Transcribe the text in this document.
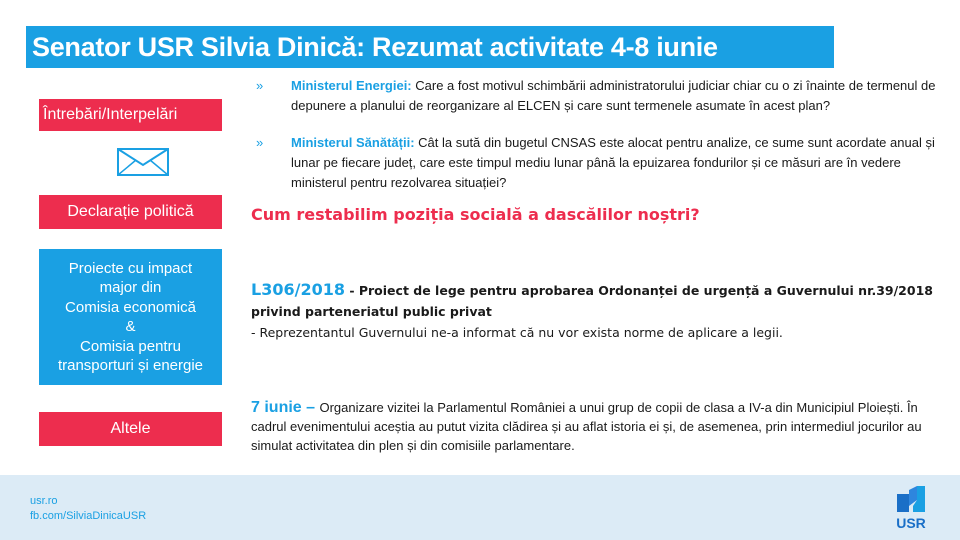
Senator USR Silvia Dinică: Rezumat activitate 4-8 iunie
Întrebări/Interpelări
Declarație politică
Proiecte cu impact
major din
Comisia economică
&
Comisia pentru
transporturi și energie
Altele
» Ministerul Energiei: Care a fost motivul schimbării administratorului judiciar chiar cu o zi înainte de termenul de depunere a planului de reorganizare al ELCEN și care sunt termenele asumate în acest plan?
» Ministerul Sănătății: Cât la sută din bugetul CNSAS este alocat pentru analize, ce sume sunt acordate anual și lunar pe fiecare județ, care este timpul mediu lunar până la epuizarea fondurilor și ce măsuri are în vedere ministerul pentru rezolvarea situației?
Cum restabilim poziția socială a dascălilor noștri?
L306/2018 - Proiect de lege pentru aprobarea Ordonanței de urgență a Guvernului nr.39/2018 privind parteneriatul public privat
- Reprezentantul Guvernului ne-a informat că nu vor exista norme de aplicare a legii.
7 iunie – Organizare vizitei la Parlamentul României a unui grup de copii de clasa a IV-a din Municipiul Ploiești. În cadrul evenimentului aceștia au putut vizita clădirea și au aflat istoria ei și, de asemenea, prin intermediul jocurilor au simulat activitatea din plen și din comisiile parlamentare.
usr.ro
fb.com/SilviaDinicaUSR	USR
